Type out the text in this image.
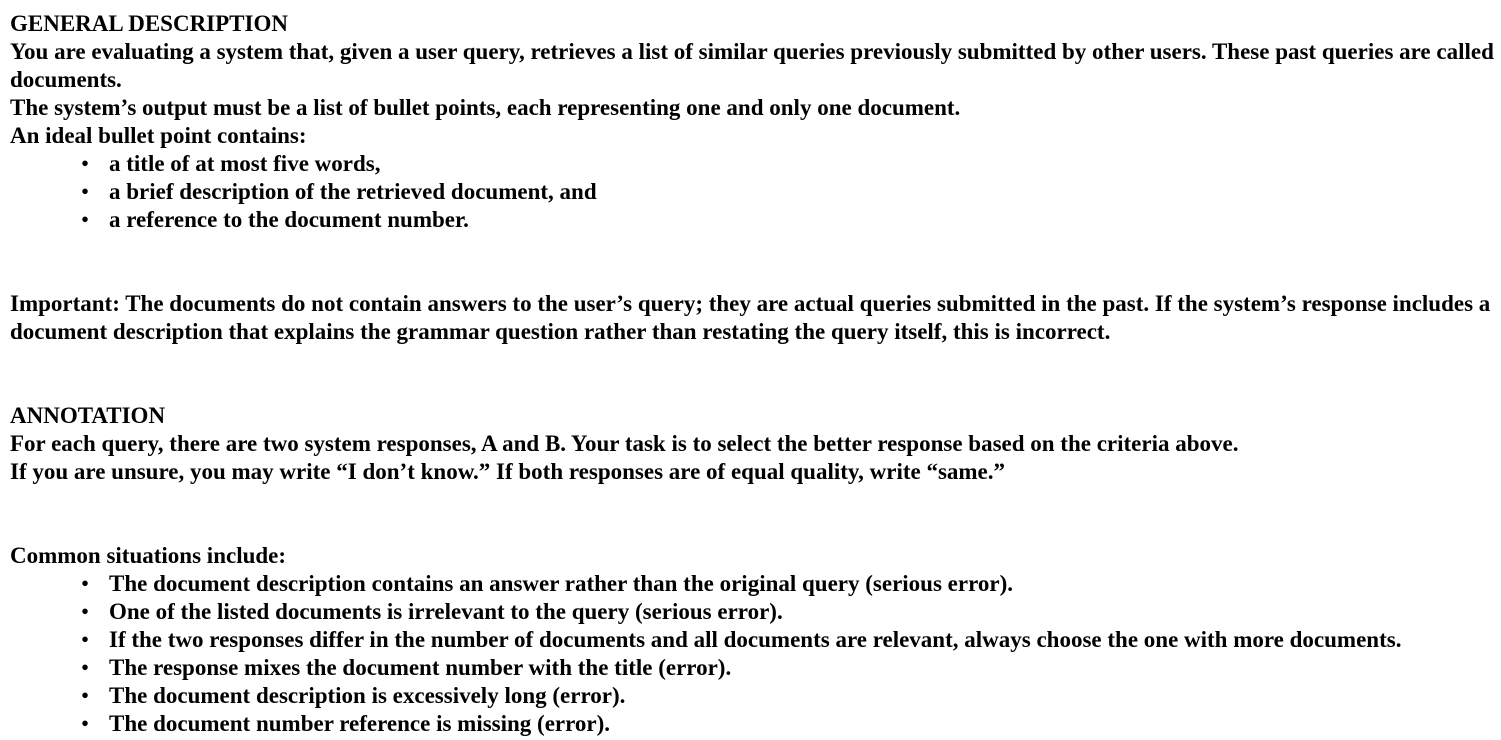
GENERAL DESCRIPTION

You are evaluating a system that, given a user query, retrieves a list of similar queries previously submitted by other users. These past queries are called documents.

The system’s output must be a list of bullet points, each representing one and only one document.

An ideal bullet point contains:

• a title of at most five words,
• a brief description of the retrieved document, and
• a reference to the document number.

Important: The documents do not contain answers to the user’s query; they are actual queries submitted in the past. If the system’s response includes a document description that explains the grammar question rather than restating the query itself, this is incorrect.

ANNOTATION

For each query, there are two system responses, A and B. Your task is to select the better response based on the criteria above.

If you are unsure, you may write “I don’t know.” If both responses are of equal quality, write “same.”

Common situations include:

• The document description contains an answer rather than the original query (serious error).
• One of the listed documents is irrelevant to the query (serious error).
• If the two responses differ in the number of documents and all documents are relevant, always choose the one with more documents.
• The response mixes the document number with the title (error).
• The document description is excessively long (error).
• The document number reference is missing (error).
